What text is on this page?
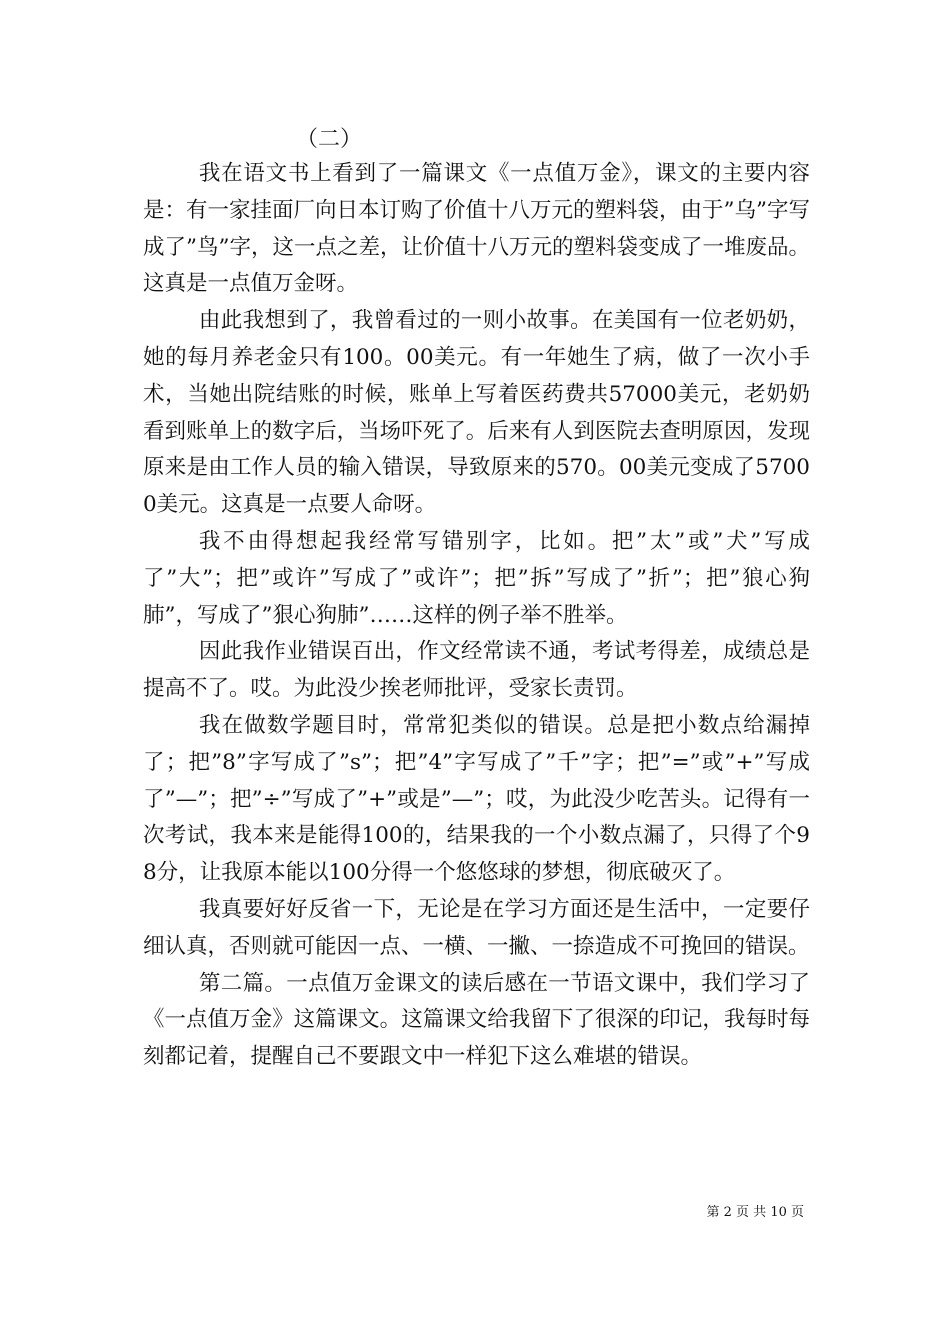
（二）

我在语文书上看到了一篇课文《一点值万金》，课文的主要内容是：有一家挂面厂向日本订购了价值十八万元的塑料袋，由于”乌”字写成了”鸟”字，这一点之差，让价值十八万元的塑料袋变成了一堆废品。这真是一点值万金呀。

由此我想到了，我曾看过的一则小故事。在美国有一位老奶奶，她的每月养老金只有100。00美元。有一年她生了病，做了一次小手术，当她出院结账的时候，账单上写着医药费共57000美元，老奶奶看到账单上的数字后，当场吓死了。后来有人到医院去查明原因，发现原来是由工作人员的输入错误，导致原来的570。00美元变成了57000美元。这真是一点要人命呀。

我不由得想起我经常写错别字，比如。把”太”或”犬”写成了”大”；把”或许”写成了”戓许”；把”拆”写成了”折”；把”狼心狗肺”，写成了”狠心狗肺”……这样的例子举不胜举。

因此我作业错误百出，作文经常读不通，考试考得差，成绩总是提高不了。哎。为此没少挨老师批评，受家长责罚。

我在做数学题目时，常常犯类似的错误。总是把小数点给漏掉了；把”8”字写成了”s”；把”4”字写成了”千”字；把”=”或”+”写成了”—”；把”÷”写成了”+”或是”—”；哎，为此没少吃苦头。记得有一次考试，我本来是能得100的，结果我的一个小数点漏了，只得了个98分，让我原本能以100分得一个悠悠球的梦想，彻底破灭了。

我真要好好反省一下，无论是在学习方面还是生活中，一定要仔细认真，否则就可能因一点、一横、一撇、一捺造成不可挽回的错误。

第二篇。一点值万金课文的读后感在一节语文课中，我们学习了《一点值万金》这篇课文。这篇课文给我留下了很深的印记，我每时每刻都记着，提醒自己不要跟文中一样犯下这么难堪的错误。

第 2 页 共 10 页
